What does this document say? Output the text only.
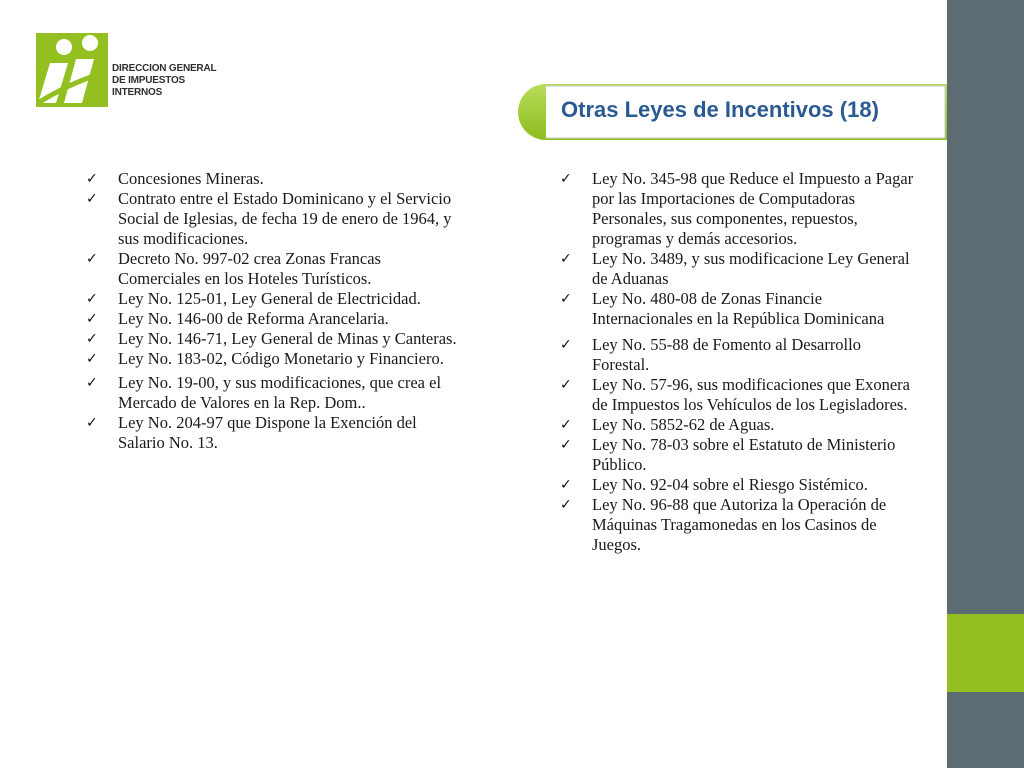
DIRECCION GENERAL
DE IMPUESTOS
INTERNOS
Otras Leyes de Incentivos (18)
✓ Concesiones Mineras.
✓ Contrato entre el Estado Dominicano y el Servicio Social de Iglesias, de fecha 19 de enero de 1964, y sus modificaciones.
✓ Decreto No. 997-02 crea Zonas Francas Comerciales en los Hoteles Turísticos.
✓ Ley No. 125-01, Ley General de Electricidad.
✓ Ley No. 146-00 de Reforma Arancelaria.
✓ Ley No. 146-71, Ley General de Minas y Canteras.
✓ Ley No. 183-02, Código Monetario y Financiero.
✓ Ley No. 19-00, y sus modificaciones, que crea el Mercado de Valores en la Rep. Dom..
✓ Ley No. 204-97 que Dispone la Exención del Salario No. 13.
✓ Ley No. 345-98 que Reduce el Impuesto a Pagar por las Importaciones de Computadoras Personales, sus componentes, repuestos, programas y demás accesorios.
✓ Ley No. 3489, y sus modificacione Ley General de Aduanas
✓ Ley No. 480-08 de Zonas Financie Internacionales en la República Dominicana
✓ Ley No. 55-88 de Fomento al Desarrollo Forestal.
✓ Ley No. 57-96, sus modificaciones que Exonera de Impuestos los Vehículos de los Legisladores.
✓ Ley No. 5852-62 de Aguas.
✓ Ley No. 78-03 sobre el Estatuto de Ministerio Público.
✓ Ley No. 92-04 sobre el Riesgo Sistémico.
✓ Ley No. 96-88 que Autoriza la Operación de Máquinas Tragamonedas en los Casinos de Juegos.
